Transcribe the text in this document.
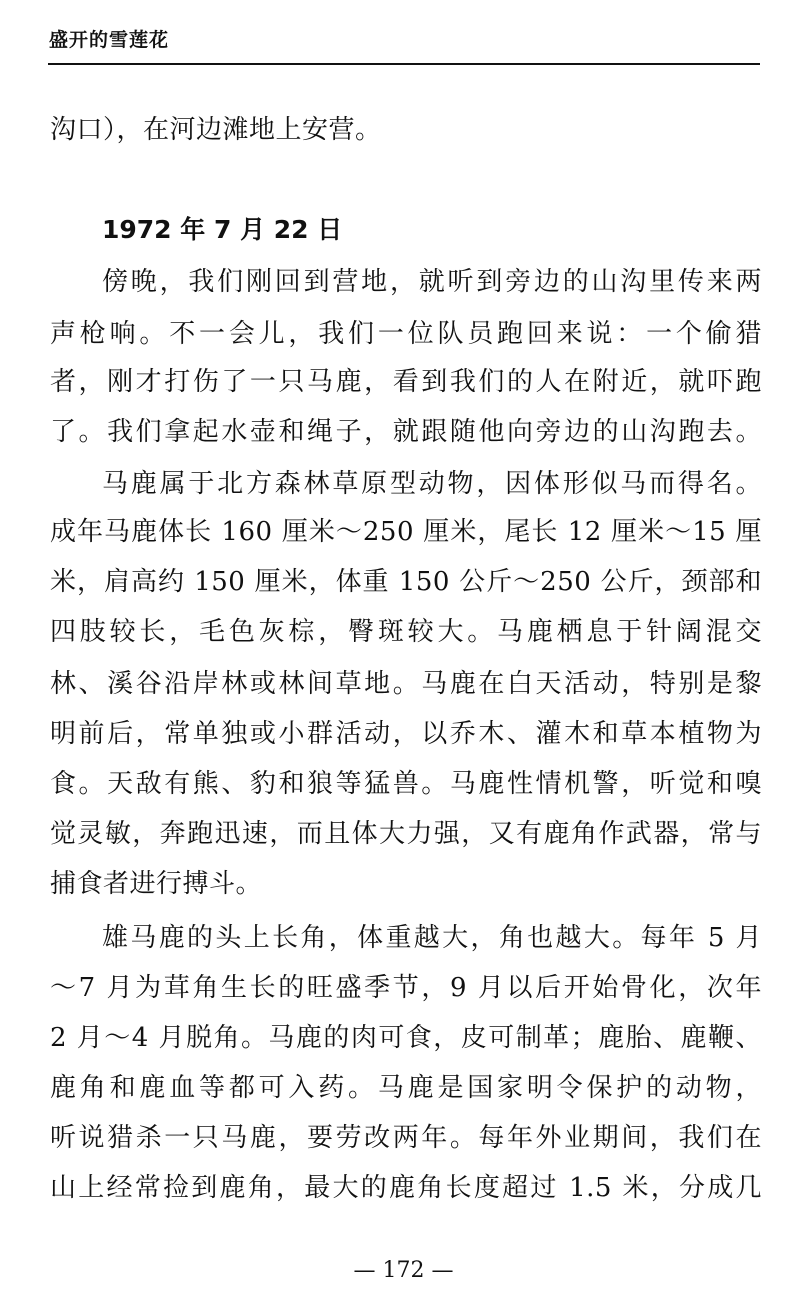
盛开的雪莲花
沟口），在河边滩地上安营。
1972 年 7 月 22 日
傍晚，我们刚回到营地，就听到旁边的山沟里传来两
声枪响。不一会儿，我们一位队员跑回来说：一个偷猎
者，刚才打伤了一只马鹿，看到我们的人在附近，就吓跑
了。我们拿起水壶和绳子，就跟随他向旁边的山沟跑去。
马鹿属于北方森林草原型动物，因体形似马而得名。
成年马鹿体长 160 厘米～250 厘米，尾长 12 厘米～15 厘
米，肩高约 150 厘米，体重 150 公斤～250 公斤，颈部和
四肢较长，毛色灰棕，臀斑较大。马鹿栖息于针阔混交
林、溪谷沿岸林或林间草地。马鹿在白天活动，特别是黎
明前后，常单独或小群活动，以乔木、灌木和草本植物为
食。天敌有熊、豹和狼等猛兽。马鹿性情机警，听觉和嗅
觉灵敏，奔跑迅速，而且体大力强，又有鹿角作武器，常与
捕食者进行搏斗。
雄马鹿的头上长角，体重越大，角也越大。每年 5 月
～7 月为茸角生长的旺盛季节，9 月以后开始骨化，次年
2 月～4 月脱角。马鹿的肉可食，皮可制革；鹿胎、鹿鞭、
鹿角和鹿血等都可入药。马鹿是国家明令保护的动物，
听说猎杀一只马鹿，要劳改两年。每年外业期间，我们在
山上经常捡到鹿角，最大的鹿角长度超过 1.5 米，分成几
— 172 —
